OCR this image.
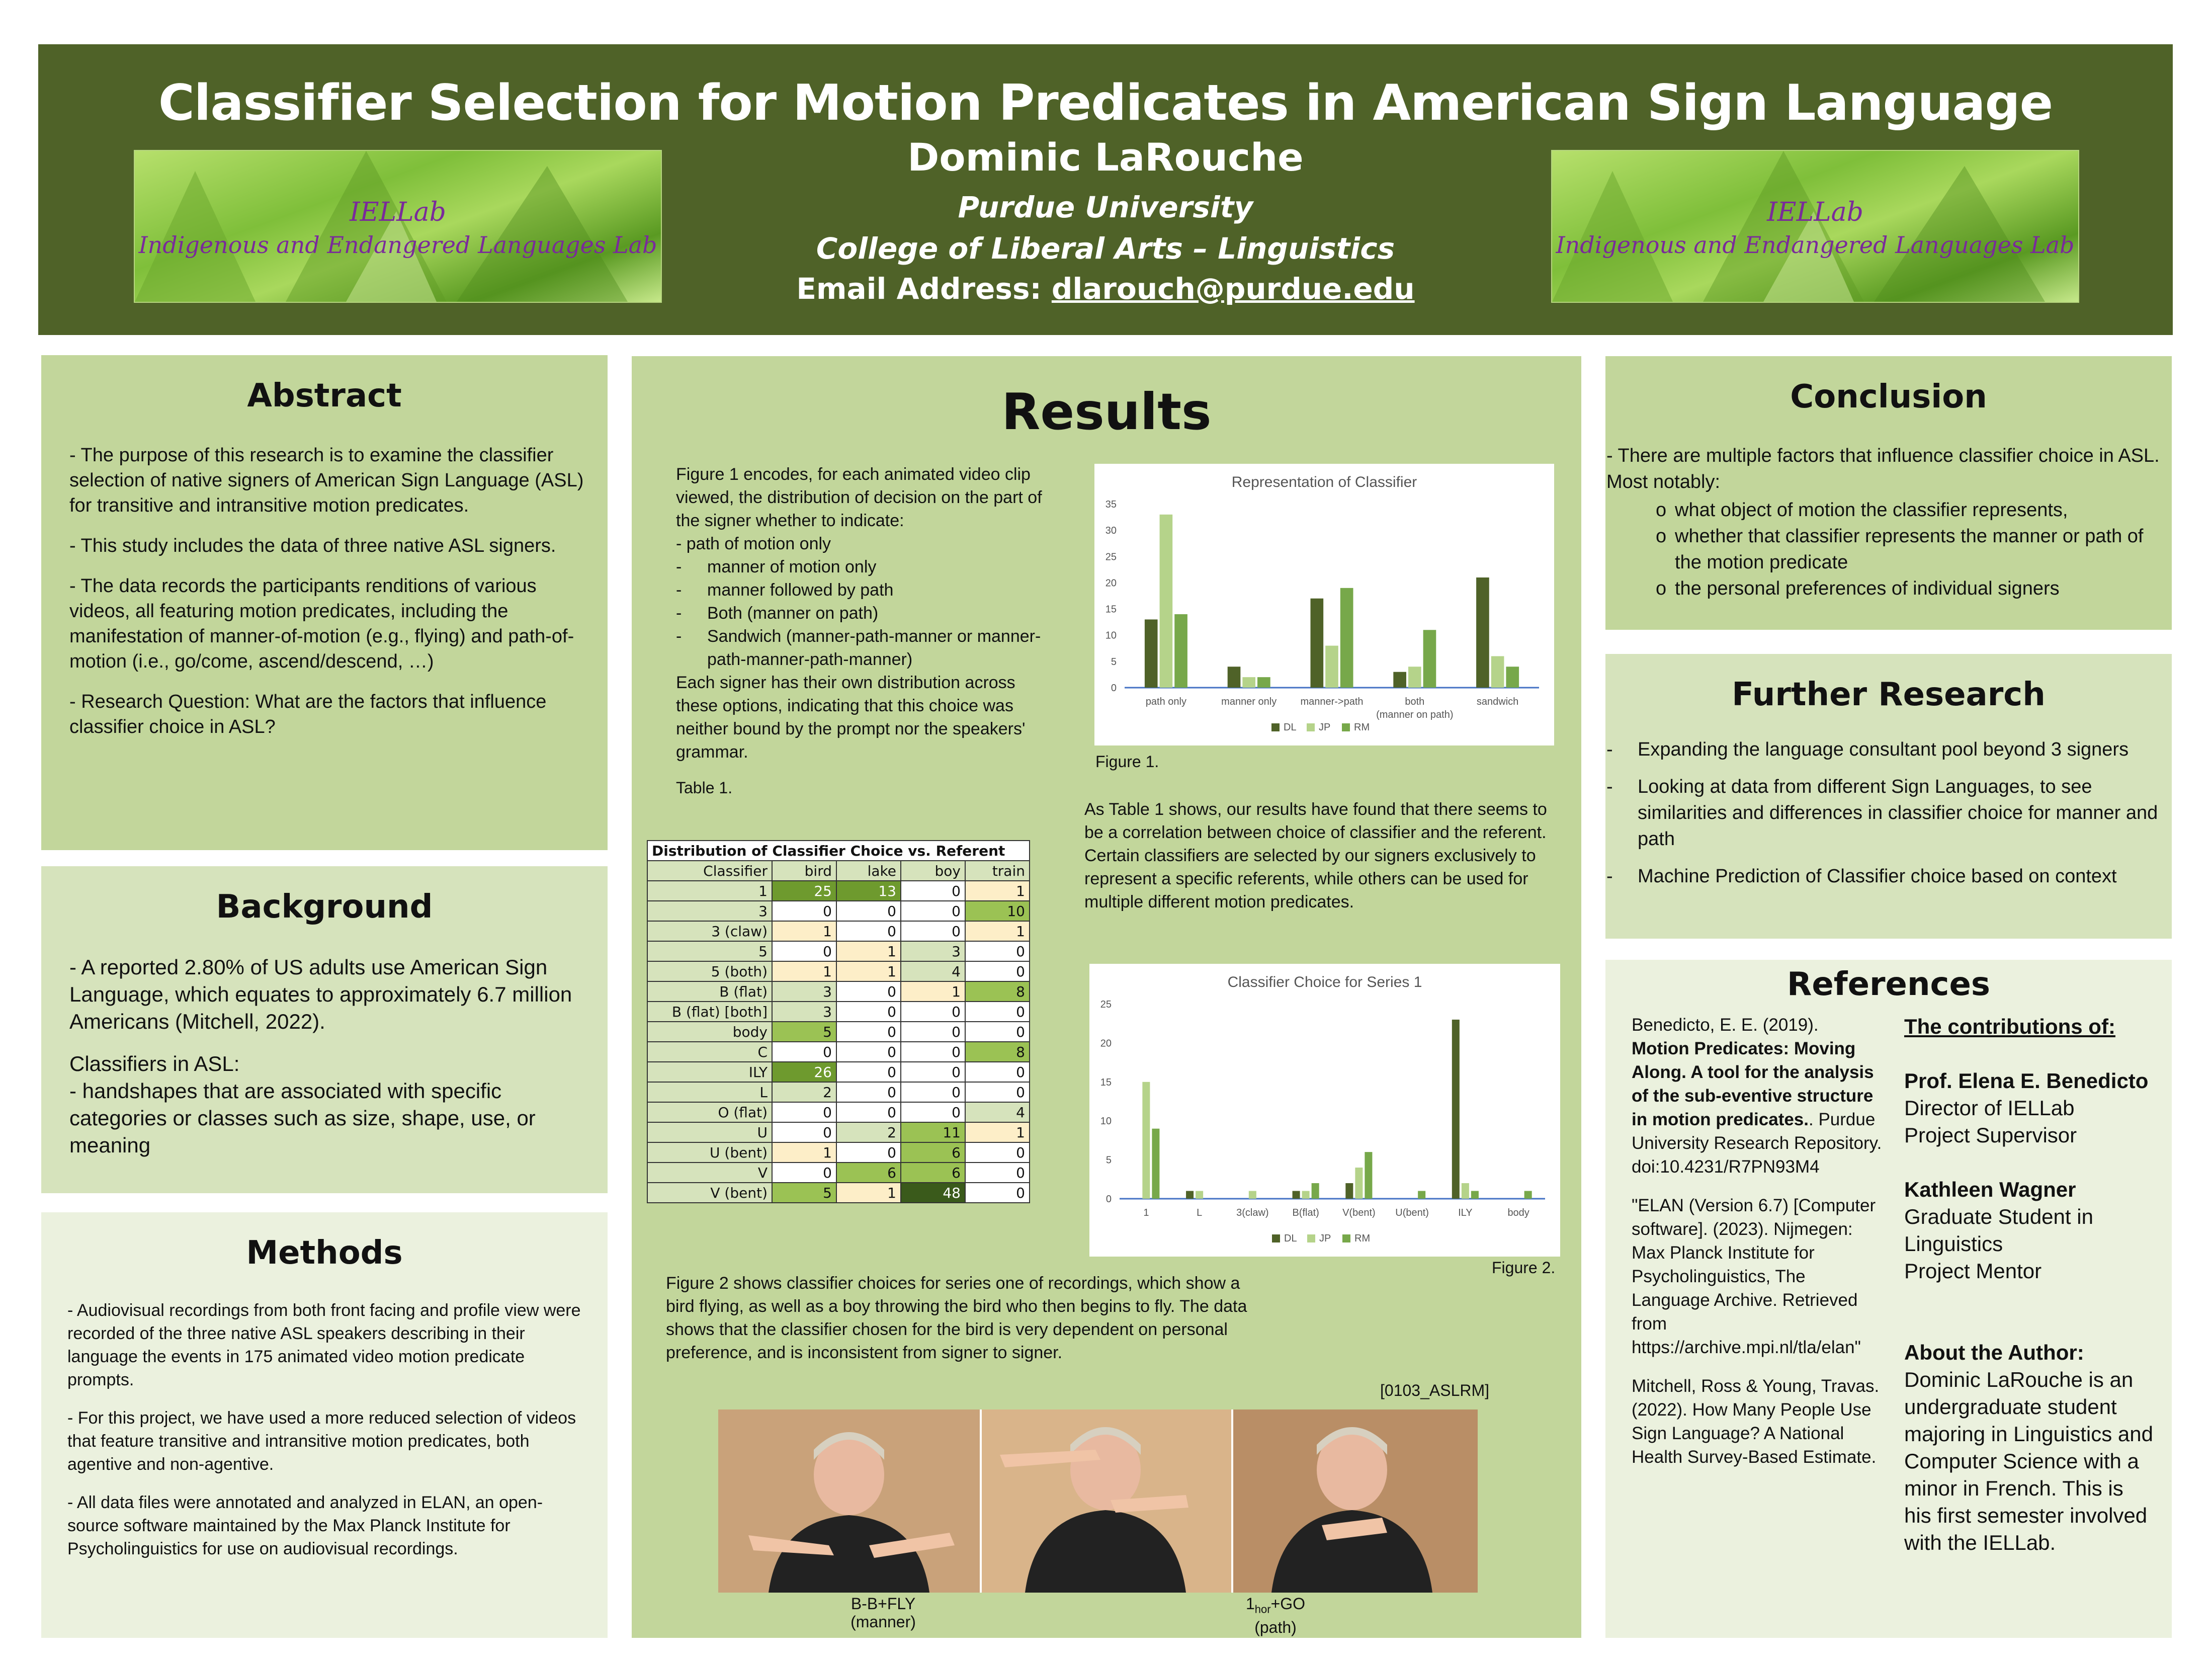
Classifier Selection for Motion Predicates in American Sign Language
Dominic LaRouche
Purdue University
College of Liberal Arts – Linguistics
Email Address: dlarouch@purdue.edu
IELLab
Indigenous and Endangered Languages Lab
IELLab
Indigenous and Endangered Languages Lab
Abstract

- The purpose of this research is to examine the classifier selection of native signers of American Sign Language (ASL) for transitive and intransitive motion predicates.

- This study includes the data of three native ASL signers.

- The data records the participants renditions of various videos, all featuring motion predicates, including the manifestation of manner-of-motion (e.g., flying) and path-of-motion (i.e., go/come, ascend/descend, …)

- Research Question: What are the factors that influence classifier choice in ASL?

Background

- A reported 2.80% of US adults use American Sign Language, which equates to approximately 6.7 million Americans (Mitchell, 2022).

Classifiers in ASL:
- handshapes that are associated with specific categories or classes such as size, shape, use, or meaning
Methods

- Audiovisual recordings from both front facing and profile view were recorded of the three native ASL speakers describing in their language the events in 175 animated video motion predicate prompts.

- For this project, we have used a more reduced selection of videos that feature transitive and intransitive motion predicates, both agentive and non-agentive.

- All data files were annotated and analyzed in ELAN, an open-source software maintained by the Max Planck Institute for Psycholinguistics for use on audiovisual recordings.

Results
Figure 1 encodes, for each animated video clip viewed, the distribution of decision on the part of the signer whether to indicate:
- path of motion only
-	manner of motion only
-	manner followed by path
-	Both (manner on path)
-	Sandwich (manner-path-manner or manner-path-manner-path-manner)
Each signer has their own distribution across these options, indicating that this choice was neither bound by the prompt nor the speakers' grammar.
Table 1.
Representation of Classifier
0
5
10
15
20
25
30
35
path only	manner only manner->path	both
(manner on path)
sandwich
DL JP RM
Figure 1.
Distribution of Classifier Choice vs. Referent				
Classifier	bird	lake	boy	train
1	25	13	0	1
3	0	0	0	10
3 (claw)	1	0	0	1
5	0	1	3	0
5 (both)	1	1	4	0
B (flat)	3	0	1	8
B (flat) [both]	3	0	0	0
body	5	0	0	0
C	0	0	0	8
ILY	26	0	0	0
L	2	0	0	0
O (flat)	0	0	0	4
U	0	2	11	1
U (bent)	1	0	6	0
V	0	6	6	0
V (bent)	5	1	48	0
As Table 1 shows, our results have found that there seems to be a correlation between choice of classifier and the referent. Certain classifiers are selected by our signers exclusively to represent a specific referents, while others can be used for multiple different motion predicates.
Classifier Choice for Series 1
0
5
10
15
20
25
1	L	3(claw) B(flat) V(bent) U(bent)	ILY	body
DL JP RM
Figure 2.
Figure 2 shows classifier choices for series one of recordings, which show a bird flying, as well as a boy throwing the bird who then begins to fly. The data shows that the classifier chosen for the bird is very dependent on personal preference, and is inconsistent from signer to signer.
[0103_ASLRM]
B-B+FLY
(manner)
$1_{hor}+GO$
(path)
Conclusion
- There are multiple factors that influence classifier choice in ASL. Most notably:
o what object of motion the classifier represents,
o whether that classifier represents the manner or path of the motion predicate
o the personal preferences of individual signers
Further Research
-	Expanding the language consultant pool beyond 3 signers
-	Looking at data from different Sign Languages, to see similarities and differences in classifier choice for manner and path
-	Machine Prediction of Classifier choice based on context
References

Benedicto, E. E. (2019).
Motion Predicates: Moving Along. A tool for the analysis of the sub-eventive structure in motion predicates.. Purdue University Research Repository. doi:10.4231/R7PN93M4

"ELAN (Version 6.7) [Computer software]. (2023). Nijmegen: Max Planck Institute for Psycholinguistics, The Language Archive. Retrieved from https://archive.mpi.nl/tla/elan"

Mitchell, Ross & Young, Travas. (2022). How Many People Use Sign Language? A National Health Survey-Based Estimate.

The contributions of:
Prof. Elena E. Benedicto
Director of IELLab
Project Supervisor
Kathleen Wagner
Graduate Student in Linguistics
Project Mentor
About the Author:
Dominic LaRouche is an undergraduate student majoring in Linguistics and Computer Science with a minor in French. This is his first semester involved with the IELLab.
